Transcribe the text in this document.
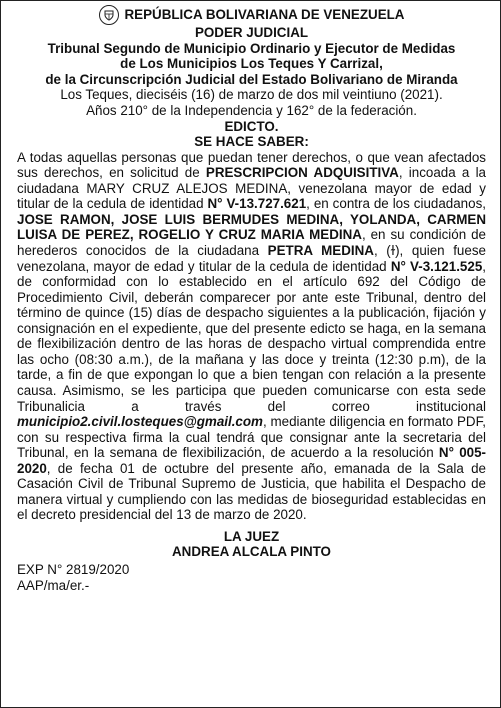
REPÚBLICA BOLIVARIANA DE VENEZUELA
PODER JUDICIAL
Tribunal Segundo de Municipio Ordinario y Ejecutor de Medidas
de Los Municipios Los Teques Y Carrizal,
de la Circunscripción Judicial del Estado Bolivariano de Miranda
Los Teques, dieciséis (16) de marzo de dos mil veintiuno (2021).
Años 210° de la Independencia y 162° de la federación.
EDICTO.
SE HACE SABER:
A todas aquellas personas que puedan tener derechos, o que vean afectados sus derechos, en solicitud de PRESCRIPCION ADQUISITIVA, incoada a la ciudadana MARY CRUZ ALEJOS MEDINA, venezolana mayor de edad y titular de la cedula de identidad N° V-13.727.621, en contra de los ciudadanos, JOSE RAMON, JOSE LUIS BERMUDES MEDINA, YOLANDA, CARMEN LUISA DE PEREZ, ROGELIO Y CRUZ MARIA MEDINA, en su condición de herederos conocidos de la ciudadana PETRA MEDINA, (ɫ), quien fuese venezolana, mayor de edad y titular de la cedula de identidad N° V-3.121.525, de conformidad con lo establecido en el artículo 692 del Código de Procedimiento Civil, deberán comparecer por ante este Tribunal, dentro del término de quince (15) días de despacho siguientes a la publicación, fijación y consignación en el expediente, que del presente edicto se haga, en la semana de flexibilización dentro de las horas de despacho virtual comprendida entre las ocho (08:30 a.m.), de la mañana y las doce y treinta (12:30 p.m), de la tarde, a fin de que expongan lo que a bien tengan con relación a la presente causa. Asimismo, se les participa que pueden comunicarse con esta sede Tribunalicia a través del correo institucional municipio2.civil.losteques@gmail.com, mediante diligencia en formato PDF, con su respectiva firma la cual tendrá que consignar ante la secretaria del Tribunal, en la semana de flexibilización, de acuerdo a la resolución N° 005-2020, de fecha 01 de octubre del presente año, emanada de la Sala de Casación Civil de Tribunal Supremo de Justicia, que habilita el Despacho de manera virtual y cumpliendo con las medidas de bioseguridad establecidas en el decreto presidencial del 13 de marzo de 2020.
LA JUEZ
ANDREA ALCALA PINTO
EXP N° 2819/2020
AAP/ma/er.-
